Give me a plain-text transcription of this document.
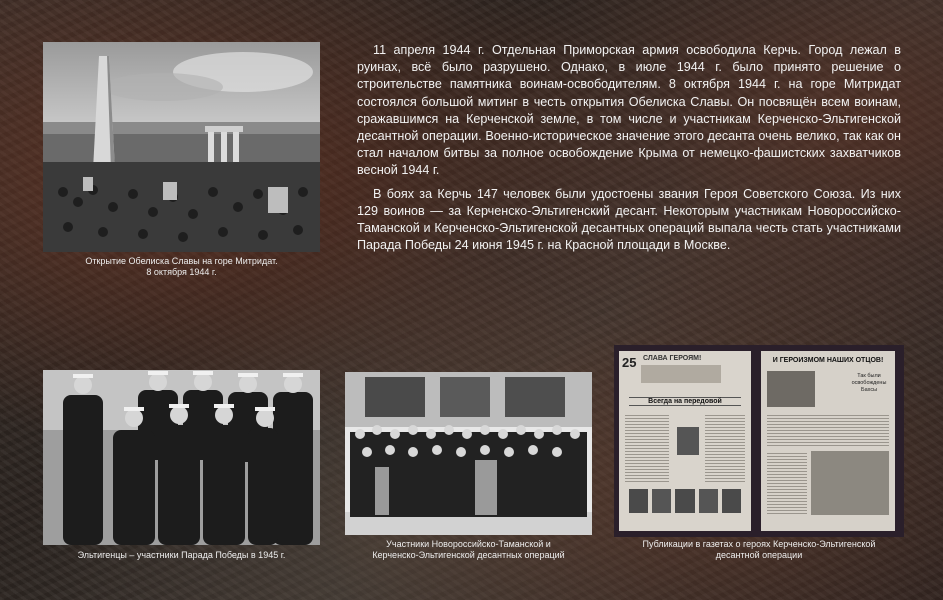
Открытие Обелиска Славы на горе Митридат.
8 октября 1944 г.

11 апреля 1944 г. Отдельная Приморская армия освободила Керчь. Город лежал в руинах, всё было разрушено. Однако, в июле 1944 г. было принято решение о строительстве памятника воинам-освободителям. 8 октября 1944 г. на горе Митридат состоялся большой митинг в честь открытия Обелиска Славы. Он посвящён всем воинам, сражавшимся на Керченской земле, в том числе и участникам Керченско-Эльтигенской десантной операции. Военно-историческое значение этого десанта очень велико, так как он стал началом битвы за полное освобождение Крыма от немецко-фашистских захватчиков весной 1944 г.

В боях за Керчь 147 человек были удостоены звания Героя Советского Союза. Из них 129 воинов — за Керченско-Эльтигенский десант. Некоторым участникам Новороссийско-Таманской и Керченско-Эльтигенской десантных операций выпала честь стать участниками Парада Победы 24 июня 1945 г. на Красной площади в Москве.

Эльтигенцы – участники Парада Победы в 1945 г.
Участники Новороссийско-Таманской и
Керченско-Эльтигенской десантных операций
25 СЛАВА ГЕРОЯМ!
Всегда на передовой
И ГЕРОИЗМОМ НАШИХ ОТЦОВ!
Так были освобождены Бахсы
Публикации в газетах о героях Керченско-Эльтигенской
десантной операции
